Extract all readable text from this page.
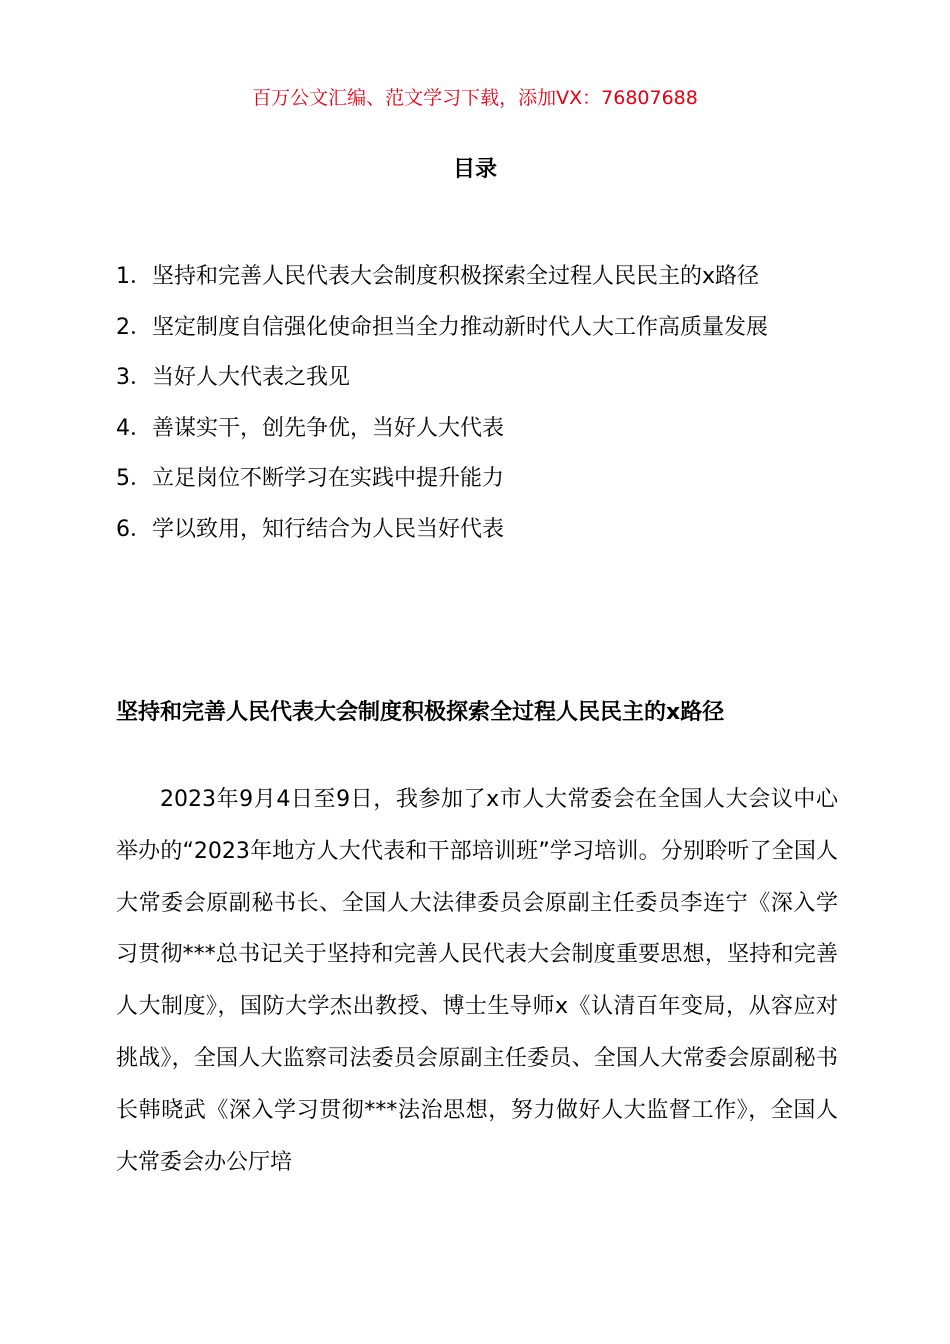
百万公文汇编、范文学习下载，添加VX：76807688
目录
1．坚持和完善人民代表大会制度积极探索全过程人民民主的x路径
2．坚定制度自信强化使命担当全力推动新时代人大工作高质量发展
3．当好人大代表之我见
4．善谋实干，创先争优，当好人大代表
5．立足岗位不断学习在实践中提升能力
6．学以致用，知行结合为人民当好代表
坚持和完善人民代表大会制度积极探索全过程人民民主的x路径

2023年9月4日至9日，我参加了x市人大常委会在全国人大会议中心举办的“2023年地方人大代表和干部培训班”学习培训。分别聆听了全国人大常委会原副秘书长、全国人大法律委员会原副主任委员李连宁《深入学习贯彻***总书记关于坚持和完善人民代表大会制度重要思想，坚持和完善人大制度》，国防大学杰出教授、博士生导师x《认清百年变局，从容应对挑战》，全国人大监察司法委员会原副主任委员、全国人大常委会原副秘书长韩晓武《深入学习贯彻***法治思想，努力做好人大监督工作》，全国人大常委会办公厅培
